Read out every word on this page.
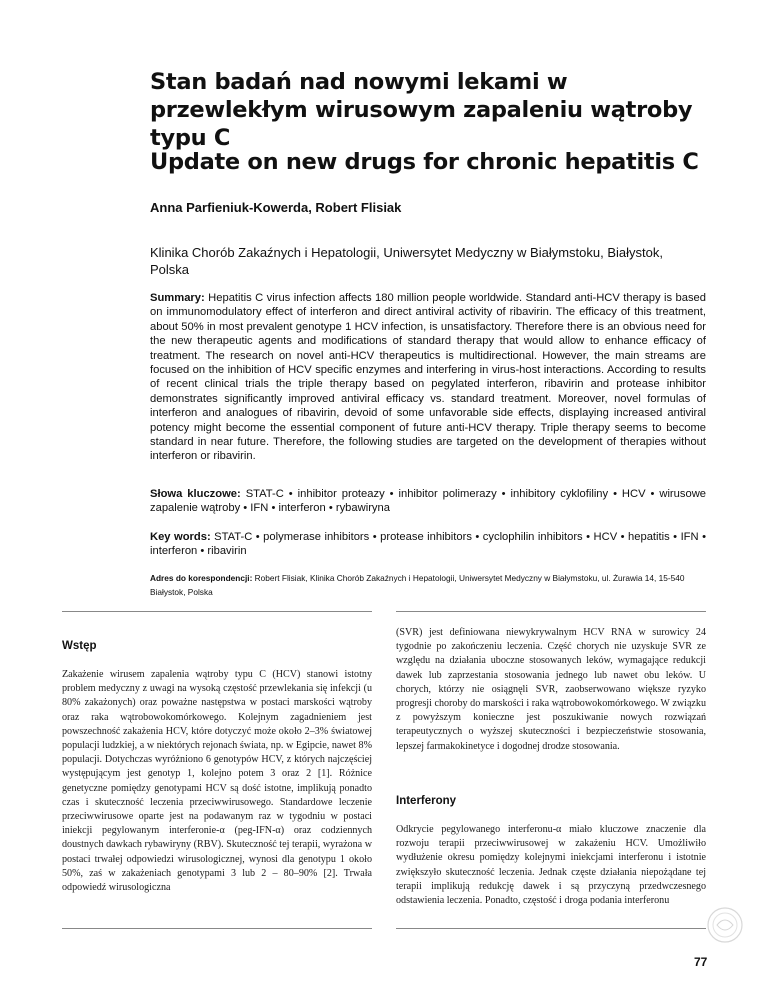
Stan badań nad nowymi lekami w przewlekłym wirusowym zapaleniu wątroby typu C
Update on new drugs for chronic hepatitis C
Anna Parfieniuk-Kowerda, Robert Flisiak
Klinika Chorób Zakaźnych i Hepatologii, Uniwersytet Medyczny w Białymstoku, Białystok, Polska
Summary: Hepatitis C virus infection affects 180 million people worldwide. Standard anti-HCV therapy is based on immunomodulatory effect of interferon and direct antiviral activity of ribavirin. The efficacy of this treatment, about 50% in most prevalent genotype 1 HCV infection, is unsatisfactory. Therefore there is an obvious need for the new therapeutic agents and modifications of standard therapy that would allow to enhance efficacy of treatment. The research on novel anti-HCV therapeutics is multidirectional. However, the main streams are focused on the inhibition of HCV specific enzymes and interfering in virus-host interactions. According to results of recent clinical trials the triple therapy based on pegylated interferon, ribavirin and protease inhibitor demonstrates significantly improved antiviral efficacy vs. standard treatment. Moreover, novel formulas of interferon and analogues of ribavirin, devoid of some unfavorable side effects, displaying increased antiviral potency might become the essential component of future anti-HCV therapy. Triple therapy seems to become standard in near future. Therefore, the following studies are targeted on the development of therapies without interferon or ribavirin.
Słowa kluczowe: STAT-C • inhibitor proteazy • inhibitor polimerazy • inhibitory cyklofiliny • HCV • wirusowe zapalenie wątroby • IFN • interferon • rybawiryna
Key words: STAT-C • polymerase inhibitors • protease inhibitors • cyclophilin inhibitors • HCV • hepatitis • IFN • interferon • ribavirin
Adres do korespondencji: Robert Flisiak, Klinika Chorób Zakaźnych i Hepatologii, Uniwersytet Medyczny w Białymstoku, ul. Żurawia 14, 15-540 Białystok, Polska
Wstęp

Zakażenie wirusem zapalenia wątroby typu C (HCV) stanowi istotny problem medyczny z uwagi na wysoką częstość przewlekania się infekcji (u 80% zakażonych) oraz poważne następstwa w postaci marskości wątroby oraz raka wątrobowokomórkowego. Kolejnym zagadnieniem jest powszechność zakażenia HCV, które dotyczyć może około 2–3% światowej populacji ludzkiej, a w niektórych rejonach świata, np. w Egipcie, nawet 8% populacji. Dotychczas wyróżniono 6 genotypów HCV, z których najczęściej występującym jest genotyp 1, kolejno potem 3 oraz 2 [1]. Różnice genetyczne pomiędzy genotypami HCV są dość istotne, implikują ponadto czas i skuteczność leczenia przeciwwirusowego. Standardowe leczenie przeciwwirusowe oparte jest na podawanym raz w tygodniu w postaci iniekcji pegylowanym interferonie-α (peg-IFN-α) oraz codziennych doustnych dawkach rybawiryny (RBV). Skuteczność tej terapii, wyrażona w postaci trwałej odpowiedzi wirusologicznej, wynosi dla genotypu 1 około 50%, zaś w zakażeniach genotypami 3 lub 2 – 80–90% [2]. Trwała odpowiedź wirusologiczna

(SVR) jest definiowana niewykrywalnym HCV RNA w surowicy 24 tygodnie po zakończeniu leczenia. Część chorych nie uzyskuje SVR ze względu na działania uboczne stosowanych leków, wymagające redukcji dawek lub zaprzestania stosowania jednego lub nawet obu leków. U chorych, którzy nie osiągnęli SVR, zaobserwowano większe ryzyko progresji choroby do marskości i raka wątrobowokomórkowego. W związku z powyższym konieczne jest poszukiwanie nowych rozwiązań terapeutycznych o wyższej skuteczności i bezpieczeństwie stosowania, lepszej farmakokinetyce i dogodnej drodze stosowania.

Interferony

Odkrycie pegylowanego interferonu-α miało kluczowe znaczenie dla rozwoju terapii przeciwwirusowej w zakażeniu HCV. Umożliwiło wydłużenie okresu pomiędzy kolejnymi iniekcjami interferonu i istotnie zwiększyło skuteczność leczenia. Jednak częste działania niepożądane tej terapii implikują redukcję dawek i są przyczyną przedwczesnego odstawienia leczenia. Ponadto, częstość i droga podania interferonu

77
